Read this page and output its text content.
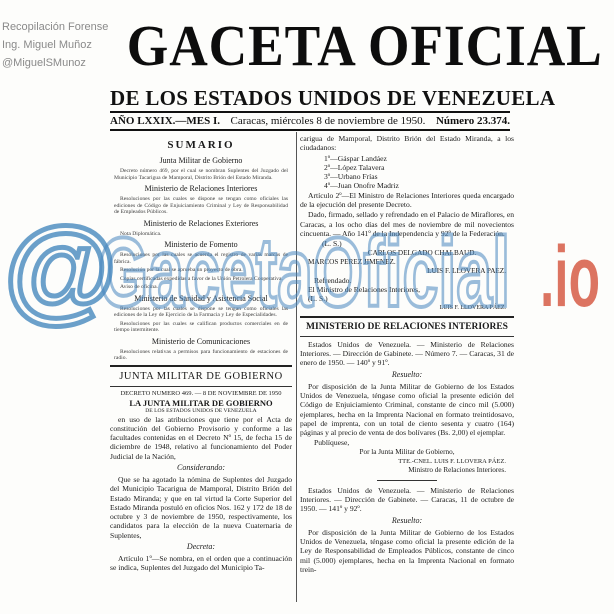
Recopilación Forense
Ing. Miguel Muñoz
@MiguelSMunoz GACETA OFICIAL
DE LOS ESTADOS UNIDOS DE VENEZUELA
AÑO LXXIX.—MES I. Caracas, miércoles 8 de noviembre de 1950. Número 23.374.
SUMARIO
Junta Militar de Gobierno
Decreto número 469, por el cual se nombran Suplentes del Juzgado del Municipio Tacarigua de Mamporal, Distrito Brión del Estado Miranda.
Ministerio de Relaciones Interiores
Resoluciones por las cuales se dispone se tengan como oficiales las ediciones de Código de Enjuiciamiento Criminal y Ley de Responsabilidad de Empleados Públicos.
Ministerio de Relaciones Exteriores
Nota Diplomática.
Ministerio de Fomento
Resoluciones por las cuales se acuerda el registro de varias marcas de fábrica.
Resolución por la cual se aprueba un proyecto de obra.
Copias certificadas expedidas a favor de la Unión Petrolera Cooperativa.
Aviso de oficina.
Ministerio de Sanidad y Asistencia Social
Resoluciones por las cuales se dispone se tengan como oficiales las ediciones de la Ley de Ejercicio de la Farmacia y Ley de Especialidades.
Resoluciones por las cuales se califican productos comerciales en de tiempo intermitente.
Ministerio de Comunicaciones
Resoluciones relativas a permisos para funcionamiento de estaciones de radio.
JUNTA MILITAR DE GOBIERNO
DECRETO NUMERO 469. — 8 DE NOVIEMBRE DE 1950
LA JUNTA MILITAR DE GOBIERNO
DE LOS ESTADOS UNIDOS DE VENEZUELA
en uso de las atribuciones que tiene por el Acta de constitución del Gobierno Provisorio y conforme a las facultades contenidas en el Decreto Nº 15, de fecha 15 de diciembre de 1948, relativo al funcionamiento del Poder Judicial de la Nación,
Considerando:
Que se ha agotado la nómina de Suplentes del Juzgado del Municipio Tacarigua de Mamporal, Distrito Brión del Estado Miranda; y que en tal virtud la Corte Superior del Estado Miranda postuló en oficios Nos. 162 y 172 de 18 de octubre y 3 de noviembre de 1950, respectivamente, los candidatos para la elección de la nueva Cuaternaria de Suplentes,
Decreta:
Artículo 1º—Se nombra, en el orden que a continuación se indica, Suplentes del Juzgado del Municipio Ta-
carigua de Mamporal, Distrito Brión del Estado Miranda, a los ciudadanos:
1º—Gáspar Landáez
2º—López Talavera
3º—Urbano Frías
4º—Juan Onofre Madriz
Artículo 2º—El Ministro de Relaciones Interiores queda encargado de la ejecución del presente Decreto.
Dado, firmado, sellado y refrendado en el Palacio de Miraflores, en Caracas, a los ocho días del mes de noviembre de mil novecientos cincuenta. — Año 141º de la Independencia y 92º de la Federación.
(L. S.)
CARLOS DELGADO CHALBAUD.
MARCOS PEREZ JIMENEZ.
LUIS F. LLOVERA PAEZ.
Refrendado.
El Ministro de Relaciones Interiores,
(L. S.)
LUIS F. LLOVERA PÁEZ.
MINISTERIO DE RELACIONES INTERIORES
Estados Unidos de Venezuela. — Ministerio de Relaciones Interiores. — Dirección de Gabinete. — Número 7. — Caracas, 31 de enero de 1950. — 140º y 91º.
Resuelto:
Por disposición de la Junta Militar de Gobierno de los Estados Unidos de Venezuela, téngase como oficial la presente edición del Código de Enjuiciamiento Criminal, constante de cinco mil (5.000) ejemplares, hecha en la Imprenta Nacional en formato treintidosavo, papel de imprenta, con un total de ciento sesenta y cuatro (164) páginas y al precio de venta de dos bolívares (Bs. 2,00) el ejemplar.
Publíquese,
Por la Junta Militar de Gobierno,
TTE.-CNEL. LUIS F. LLOVERA PÁEZ.
Ministro de Relaciones Interiores.
Estados Unidos de Venezuela. — Ministerio de Relaciones Interiores. — Dirección de Gabinete. — Caracas, 11 de octubre de 1950. — 141º y 92º.
Resuelto:
Por disposición de la Junta Militar de Gobierno de los Estados Unidos de Venezuela, téngase como oficial la presente edición de la Ley de Responsabilidad de Empleados Públicos, constante de cinco mil (5.000) ejemplares, hecha en la Imprenta Nacional en formato trein-
@
GacetaOficial .io
